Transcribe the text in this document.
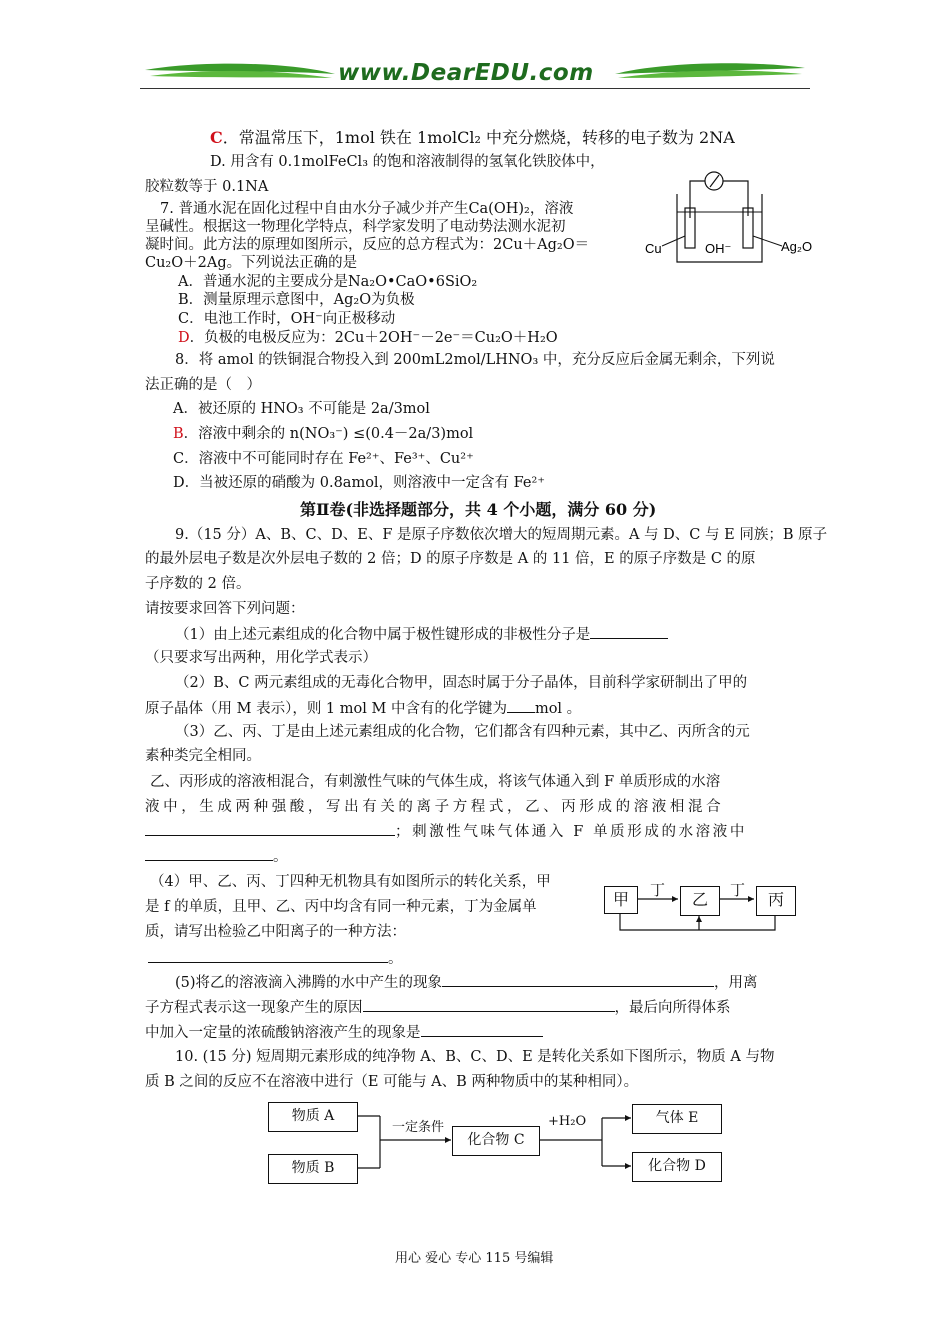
www.DearEDU.com
C．常温常压下，1mol 铁在 1molCl₂ 中充分燃烧，转移的电子数为 2NA
D. 用含有 0.1molFeCl₃ 的饱和溶液制得的氢氧化铁胶体中，
胶粒数等于 0.1NA
7. 普通水泥在固化过程中自由水分子减少并产生Ca(OH)₂，溶液
呈碱性。根据这一物理化学特点，科学家发明了电动势法测水泥初
凝时间。此方法的原理如图所示，反应的总方程式为：2Cu＋Ag₂O＝
Cu₂O＋2Ag。下列说法正确的是
A．普通水泥的主要成分是Na₂O•CaO•6SiO₂
B．测量原理示意图中，Ag₂O为负极
C．电池工作时，OH⁻向正极移动
D．负极的电极反应为：2Cu＋2OH⁻－2e⁻＝Cu₂O＋H₂O
Cu	OH⁻	Ag₂O
8．将 amol 的铁铜混合物投入到 200mL2mol/LHNO₃ 中，充分反应后金属无剩余，下列说
法正确的是（　）
A．被还原的 HNO₃ 不可能是 2a/3mol
B．溶液中剩余的 n(NO₃⁻) ≤(0.4－2a/3)mol
C．溶液中不可能同时存在 Fe²⁺、Fe³⁺、Cu²⁺
D．当被还原的硝酸为 0.8amol，则溶液中一定含有 Fe²⁺
第Ⅱ卷(非选择题部分，共 4 个小题，满分 60 分)
9.（15 分）A、B、C、D、E、F 是原子序数依次增大的短周期元素。A 与 D、C 与 E 同族；B 原子
的最外层电子数是次外层电子数的 2 倍；D 的原子序数是 A 的 11 倍，E 的原子序数是 C 的原
子序数的 2 倍。
请按要求回答下列问题：
（1）由上述元素组成的化合物中属于极性键形成的非极性分子是
（只要求写出两种，用化学式表示）
（2）B、C 两元素组成的无毒化合物甲，固态时属于分子晶体，目前科学家研制出了甲的
原子晶体（用 M 表示），则 1 mol M 中含有的化学键为 mol 。
（3）乙、丙、丁是由上述元素组成的化合物，它们都含有四种元素，其中乙、丙所含的元
素种类完全相同。
乙、丙形成的溶液相混合，有刺激性气味的气体生成，将该气体通入到 F 单质形成的水溶
液中，生成两种强酸，写出有关的离子方程式，乙、丙形成的溶液相混合
；刺激性气味气体通入 F 单质形成的水溶液中
。
（4）甲、乙、丙、丁四种无机物具有如图所示的转化关系，甲
是 f 的单质，且甲、乙、丙中均含有同一种元素，丁为金属单
质，请写出检验乙中阳离子的一种方法：
。
甲	乙	丙
丁	丁
(5)将乙的溶液滴入沸腾的水中产生的现象	，用离
子方程式表示这一现象产生的原因	，最后向所得体系
中加入一定量的浓硫酸钠溶液产生的现象是
10. (15 分) 短周期元素形成的纯净物 A、B、C、D、E 是转化关系如下图所示，物质 A 与物
质 B 之间的反应不在溶液中进行（E 可能与 A、B 两种物质中的某种相同）。
物质 A
物质 B
化合物 C
气体 E
化合物 D
一定条件	+H₂O
用心 爱心 专心 115 号编辑
